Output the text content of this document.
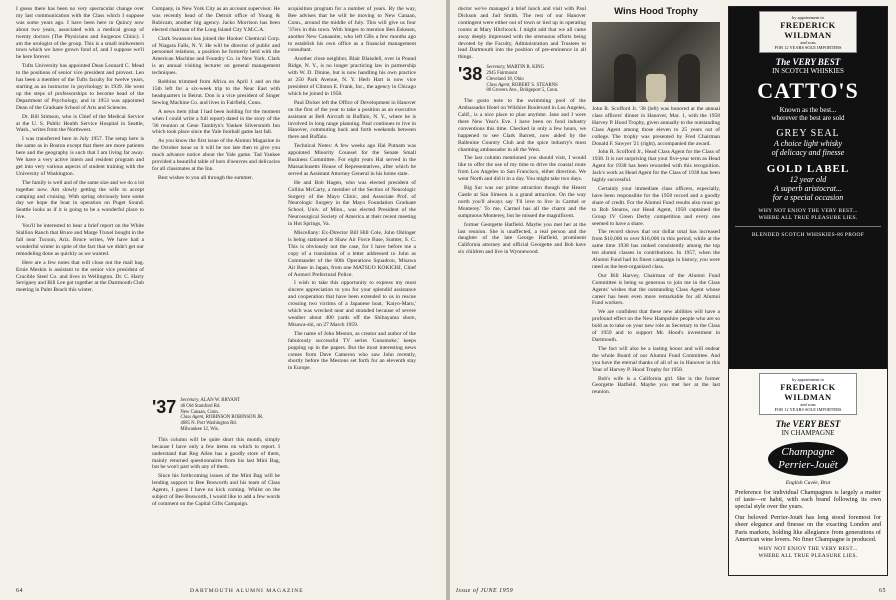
I guess there has been no very spectacular change over my last communication with the Class which I suppose was some years ago. I have been here in Quincy now about two years, associated with a medical group of twenty doctors (The Physicians and Surgeons Clinic). I am the urologist of the group. This is a small midwestern town which we have grown fond of, and I suppose we'll be here forever.

Tufts University has appointed Dean Leonard C. Mead to the positions of senior vice president and provost. Len has been a member of the Tufts faculty for twelve years, starting as an instructor in psychology in 1939. He went up the steps of professorships to become head of the Department of Psychology, and in 1953 was appointed Dean of the Graduate School of Arts and Sciences.

Dr. Bill Stimson, who is Chief of the Medical Service at the U. S. Public Health Service Hospital in Seattle, Wash., writes from the Northwest.

I was transferred here in July 1957. The setup here is the same as in Boston except that there are more patients here and the geography is such that I am living far away. We have a very active intern and resident program and get into very various aspects of student training with the University of Washington.

The family is well and of the same size and we do a lot together now. Am slowly getting the wife to accept camping and cruising. With spring obviously here some day we hope the boat in operation on Puget Sound. Seattle looks as if it is going to be a wonderful place to live.

You'll be interested to hear a brief report on the White Stallion Ranch that Bruce and Marge Truxel bought in the fall near Tucson, Ariz. Bruce writes, We have had a wonderful winter in spite of the fact that we didn't get our remodeling done as quickly as we wanted.

Here are a few notes that will close out the mail bag. Ernie Meskin is assistant to the senior vice president of Crucible Steel Co. and lives in Wellington. Dr. C. Harry Sevigney and Bill Lee got together at the Dartmouth Club meeting in Palm Beach this winter.

Company, in New York City as an account supervisor. He was recently head of the Detroit office of Young & Rubicam, another big agency. Jacko Morrison has been elected chairman of the Long Island City Y.M.C.A.

Clark Swanson has joined the Hooker Chemical Corp. of Niagara Falls, N. Y. He will be director of public and personnel relations, a position he formerly held with the American Machine and Foundry Co. in New York. Clark is an annual visiting lecturer on general management techniques.

Robbins trimmed from Africa on April 1 and on the 15th left for a six-week trip to the Near East with headquarters in Beirut. Don is a vice president of Singer Sewing Machine Co. and lives in Fairfield, Conn.

A news item (that I had been holding for the moment when I could write a full report) dated in the story of the '36 reunion at Gene Tamblyn's Yankee Silversmith Inn which took place since the Yale football game last fall.

As you know the first issue of the Alumni Magazine in the October issue so it will be too late then to give you much advance notice about the Yale game. Tad Yankee provided a beautiful table of hors d'oeuvres and delicacies for all classmates at the Inn.

Best wishes to you all through the summer.

'37 Secretary, ALAN W. BRYANT
46 Old Stamford Rd.
New Canaan, Conn.
Class Agent, ROBINSON ROBINSON JR.
4685 N. Port Washington Rd.
Milwaukee 12, Wis.

This column will be quite short this month, simply because I have only a few items on which to report. I understand that Reg Allen has a goodly store of them, mainly returned questionnaires from his last Mini Bag, but he won't part with any of them.

Since his forthcoming issues of the Mini Bag will be lending support to Bee Bosworth and his team of Class Agents, I guess I have no kick coming. Whilst on the subject of Bee Bosworth, I would like to add a few words of comment on the Capital Gifts Campaign.

acquisition program for a number of years. By the way, Bee advises that he will be moving to New Canaan, Conn., around the middle of July. This will give us four '37ers in this town. With hinges to mention Ben Eskesen, another New Canaanite, who left GBs a few months ago to establish his own office as a financial management consultant.

Another close neighbor, Blair Blaisdell, over in Pound Ridge, N. Y., is no longer practicing law in partnership with W. D. Dinine, but is now handling his own practice at 250 Park Avenue, N. Y. Herb Hart is now vice president of Clinton E. Frank, Inc., the agency in Chicago which he joined in 1958.

Paul Dicker left the Office of Development in Hanover on the first of the year to take a position as an executive assistant at Bell Aircraft in Buffalo, N. Y., where he is involved in long range planning. Paul continues to live in Hanover, commuting back and forth weekends between there and Buffalo.

Technical Notes: A few weeks ago Hal Putnam was appointed Minority Counsel for the Senate Small Business Committee. For eight years Hal served in the Massachusetts House of Representatives, after which he served as Assistant Attorney General in his home state.

He and Bob Hagen, who was elected president of Collins McCarty, a member of the Section of Neurologic Surgery of the Mayo Clinic, and Associate Prof. of Neurologic Surgery in the Mayo Foundation Graduate School, Univ. of Minn., was elected President of the Neurosurgical Society of America at their recent meeting in Hot Springs, Va.

Miscellany: Ex-Director Bill Hill Cole, John Ohlinger is being stationed at Shaw Air Force Base, Sumter, S. C. This is obviously not the case, for I have before me a copy of a translation of a letter addressed to John as Commander of the 60th Operations Squadron, Misawa Air Base in Japan, from one MATSUO KOKICHI, Chief of Aomori Prefectural Police.

I wish to take this opportunity to express my most sincere appreciation to you for your splendid assistance and cooperation that have been extended to us in rescue crossing two victims of a Japanese boat, 'Kaiyo-Maru,' which was wrecked near and stranded because of severe weather about 400 yards off the Shibayama shore, Misawa-shi, on 27 March 1959.

The name of John Meston, as creator and author of the fabulously successful TV series 'Gunsmoke,' keeps popping up in the papers. But the most interesting news comes from Dave Cameron who saw John recently, shortly before the Mestons set forth for an eleventh stay in Europe.

64	DARTMOUTH ALUMNI MAGAZINE

doctor we've managed a brief lunch and visit with Paul Dickson and Jud Smith. The rest of our Hanover contingent were either out of town or tied up in operating rooms at Mary Hitchcock. I might add that we all came away deeply impressed with the strenuous efforts being devoted by the Faculty, Administration and Trustees to lead Dartmouth into the position of pre-eminence in all things.

'38 Secretary, MARTIN R. KING
2945 Fairmount
Cleveland 18, Ohio
Class Agent, ROBERT S. STEARNS
86 Grovers Ave., Bridgeport 5, Conn.

The gusto note to the swimming pool of the Ambassador Hotel on Wilshire Boulevard in Los Angeles, Calif., is a nice place to plan anytime. Jane and I were there New Year's Eve. I have been on food industry conventions this time. Checked in only a few hours, we happened to see Clark Barrett, now aided by the Ballenine Country Club and the spice industry's most charming ambassador in all the West.

The last column mentioned you should visit, I would like to offer the use of my time to drive the coastal route from Los Angeles to San Francisco, either direction. We went North and did it in a day. You might take two days.

Big Sur was our prime attraction though the Hearst Castle at San Simeon is a grand attraction. On the way north you'll always say 'I'll love to live in Carmel or Monterey.' To me, Carmel has all the charm and the sumptuous Monterey, but he missed the magnificent.

former Georgette Hatfield. Maybe you met her at the last reunion. She is unaffected, a real person and the daughter of the late George Hatfield, prominent California attorney and official Georgette and Bob have six children and live in Wynnewood.

Wins Hood Trophy

John R. Scofford Jr. '38 (left) was honored at the annual class officers' dinner in Hanover, Mar. 1, with the 1958 Harvey P. Hood Trophy, given annually to the outstanding Class Agent among those eleven to 25 years out of college. The trophy was presented by Fred Chairman Donald F. Sawyer '21 (right), accompanied the award.

John R. Scofford Jr., Head Class Agent for the Class of 1938. It is not surprising that your five-year term as Head Agent for 1938 has been rewarded with this recognition. Jack's work as Head Agent for the Class of 1938 has been highly successful.

Certainly your immediate class officers, especially, have been responsible for the 1958 record and a goodly share of credit. For the Alumni Fund results also must go to Bob Stearns, our Head Agent, 1958 captained the Group IV Green Derby competition and every one seemed to have a share.

The record shows that our dollar total has increased from $10,000 to over $16,000 in this period, while at the same time 1938 has ranked consistently among the top ten alumni classes in contributions. In 1957, when the Alumni Fund had its finest campaign in history, you were rated as the best-organized class.

Our Bill Harvey, Chairman of the Alumni Fund Committee is being so generous to join me in the Class Agents' wishes that the outstanding Class Agent whose career has been even more remarkable for all Alumni Fund workers.

We are confident that these new abilities will have a profound effect on the New Hampshire people who are so bold as to take on your new role as Secretary to the Class of 1959 and to support Mr. Hood's investment in Dartmouth.

The fact will also be a lasting honor and will endear the whole Board of our Alumni Fund Committee. And you have the eternal thanks of all of us in Hanover in this Year of Harvey P. Hood Trophy for 1958.

Bob's wife is a California girl. She is the former Georgette Hatfield. Maybe you met her at the last reunion.

by appointment to
FREDERICK WILDMAN
and sons
FOR 12 YEARS SOLE IMPORTERS
The VERY BEST
IN SCOTCH WHISKIES
CATTO'S
Known as the best...
wherever the best are sold
GREY SEAL
A choice light whisky
of delicacy and finesse
GOLD LABEL
12 year old
A superb aristocrat...
for a special occasion
WHY NOT ENJOY THE VERY BEST...
WHERE ALL TRUE PLEASURE LIES.
BLENDED SCOTCH WHISKIES-86 PROOF
by appointment to
FREDERICK WILDMAN
and sons
FOR 12 YEARS SOLE IMPORTERS
The VERY BEST
IN CHAMPAGNE
Champagne
Perrier-Jouët
English Cuvée, Brut

Preference for individual Champagnes is largely a matter of taste—or habit, with each brand following its own special style over the years.

Our beloved Perrier-Jouët has long stood foremost for sheer elegance and finesse on the exacting London and Paris markets, holding like allegiance from generations of American wine lovers. No finer Champagne is produced.

WHY NOT ENJOY THE VERY BEST...
WHERE ALL TRUE PLEASURE LIES.
Issue of JUNE 1959	65
